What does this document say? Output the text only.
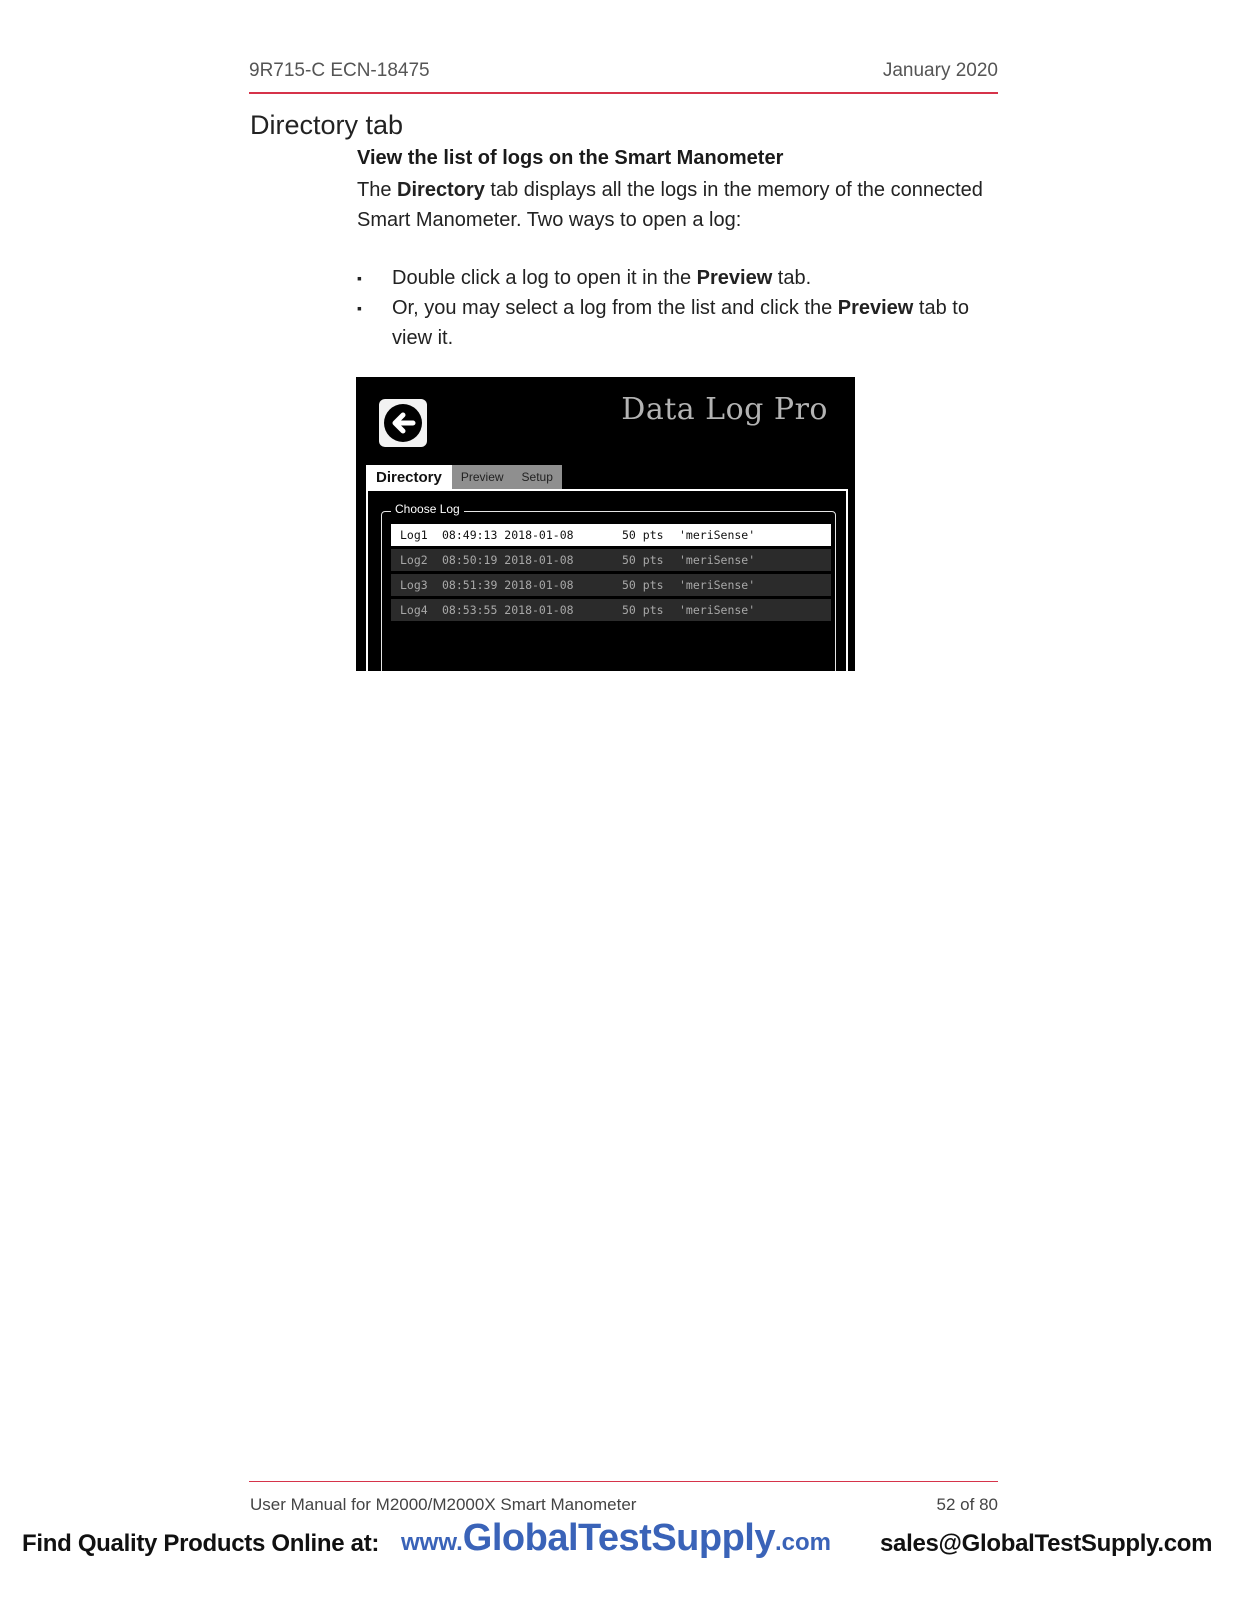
9R715-C ECN-18475	January 2020
Directory tab
View the list of logs on the Smart Manometer
The Directory tab displays all the logs in the memory of the connected Smart Manometer. Two ways to open a log:
▪ Double click a log to open it in the Preview tab.
▪ Or, you may select a log from the list and click the Preview tab to view it.
Data Log Pro
Directory	Preview	Setup
Choose Log
Log1 08:49:13 2018-01-08	50 pts 'meriSense'
Log2 08:50:19 2018-01-08	50 pts 'meriSense'
Log3 08:51:39 2018-01-08	50 pts 'meriSense'
Log4 08:53:55 2018-01-08	50 pts 'meriSense'
User Manual for M2000/M2000X Smart Manometer	52 of 80
Find Quality Products Online at: www.GlobalTestSupply.com sales@GlobalTestSupply.com
